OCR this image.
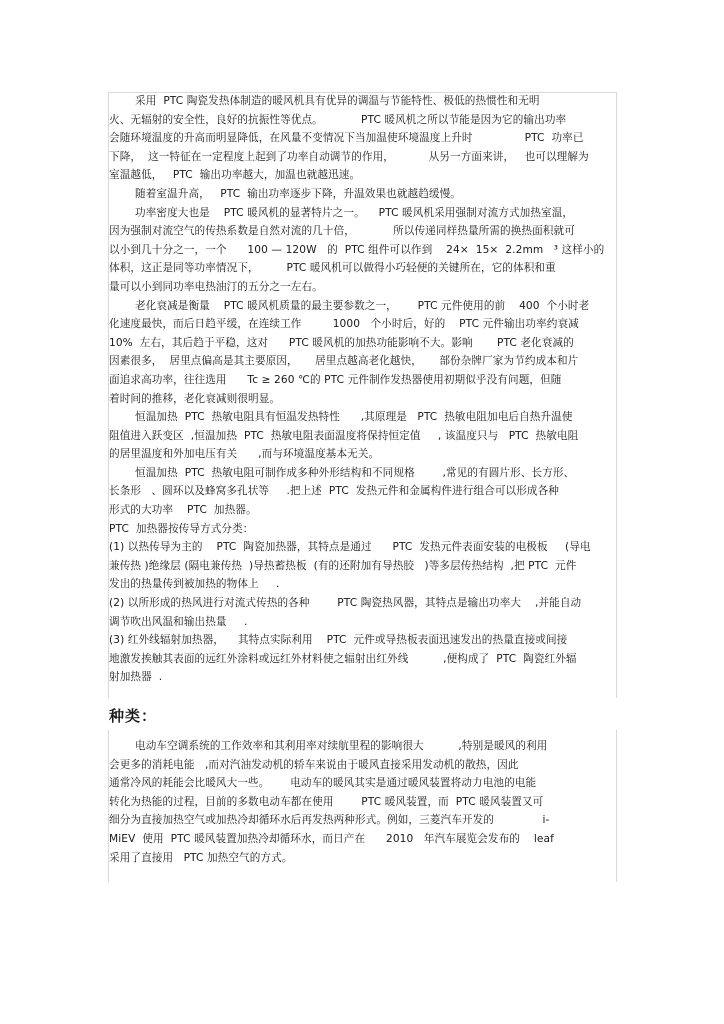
采用  PTC 陶瓷发热体制造的暖风机具有优异的调温与节能特性、极低的热惯性和无明
火、无辐射的安全性，良好的抗振性等优点。           PTC 暖风机之所以节能是因为它的输出功率
会随环境温度的升高而明显降低，在风量不变情况下当加温使环境温度上升时               PTC  功率已
下降，  这一特征在一定程度上起到了功率自动调节的作用，          从另一方面来讲，   也可以理解为
室温越低，   PTC  输出功率越大，加温也就越迅速。
随着室温升高，   PTC  输出功率逐步下降，升温效果也就越趋缓慢。
功率密度大也是    PTC 暖风机的显著特片之一。    PTC 暖风机采用强制对流方式加热室温，
因为强制对流空气的传热系数是自然对流的几十倍，           所以传递同样热量所需的换热面积就可
以小到几十分之一，一个      100 — 120W   的  PTC 组件可以作到    24×  15×  2.2mm   ³ 这样小的
体积，这正是同等功率情况下，        PTC 暖风机可以做得小巧轻便的关键所在，它的体积和重
量可以小到同功率电热油汀的五分之一左右。
老化衰减是衡量    PTC 暖风机质量的最主要参数之一，      PTC 元件使用的前    400  个小时老
化速度最快，而后日趋平缓，在连续工作         1000   个小时后，好的    PTC 元件输出功率约衰减
10%  左右，其后趋于平稳，这对      PTC 暖风机的加热功能影响不大。影响       PTC 老化衰减的
因素很多，  居里点偏高是其主要原因，     居里点越高老化越快，     部份杂牌厂家为节约成本和片
面追求高功率，往往选用      Tc ≥ 260 ℃的 PTC 元件制作发热器使用初期似乎没有问题，但随
着时间的推移，老化衰减则很明显。
恒温加热  PTC  热敏电阻具有恒温发热特性      ,其原理是   PTC  热敏电阻加电后自热升温使
阻值进入跃变区  ,恒温加热  PTC  热敏电阻表面温度将保持恒定值     , 该温度只与   PTC  热敏电阻
的居里温度和外加电压有关      ,而与环境温度基本无关。
恒温加热  PTC  热敏电阻可制作成多种外形结构和不同规格        ,常见的有圆片形、长方形、
长条形   、圆环以及蜂窝多孔状等     .把上述  PTC  发热元件和金属构件进行组合可以形成各种
形式的大功率    PTC  加热器。
PTC  加热器按传导方式分类：
(1) 以热传导为主的    PTC  陶瓷加热器，其特点是通过      PTC  发热元件表面安装的电极板     (导电
兼传热 )绝缘层 (隔电兼传热  )导热蓄热板  (有的还附加有导热胶   )等多层传热结构  ,把 PTC  元件
发出的热量传到被加热的物体上     .
(2) 以所形成的热风进行对流式传热的各种        PTC 陶瓷热风器，其特点是输出功率大    ,并能自动
调节吹出风温和输出热量     .
(3) 红外线辐射加热器，    其特点实际利用    PTC  元件或导热板表面迅速发出的热量直接或间接
地激发挨触其表面的远红外涂料或远红外材料使之辐射出红外线          ,便构成了  PTC  陶瓷红外辐
射加热器  .
种类：
电动车空调系统的工作效率和其利用率对续航里程的影响很大          ,特别是暖风的利用
会更多的消耗电能   ,而对汽油发动机的轿车来说由于暖风直接采用发动机的散热，因此
通常冷风的耗能会比暖风大一些。      电动车的暖风其实是通过暖风装置将动力电池的电能
转化为热能的过程，目前的多数电动车都在使用        PTC 暖风装置，而  PTC 暖风装置又可
细分为直接加热空气或加热冷却循环水后再发热两种形式。例如，三菱汽车开发的              i-
MiEV  使用  PTC 暖风装置加热冷却循环水，而日产在      2010   年汽车展览会发布的    leaf
采用了直接用   PTC 加热空气的方式。
